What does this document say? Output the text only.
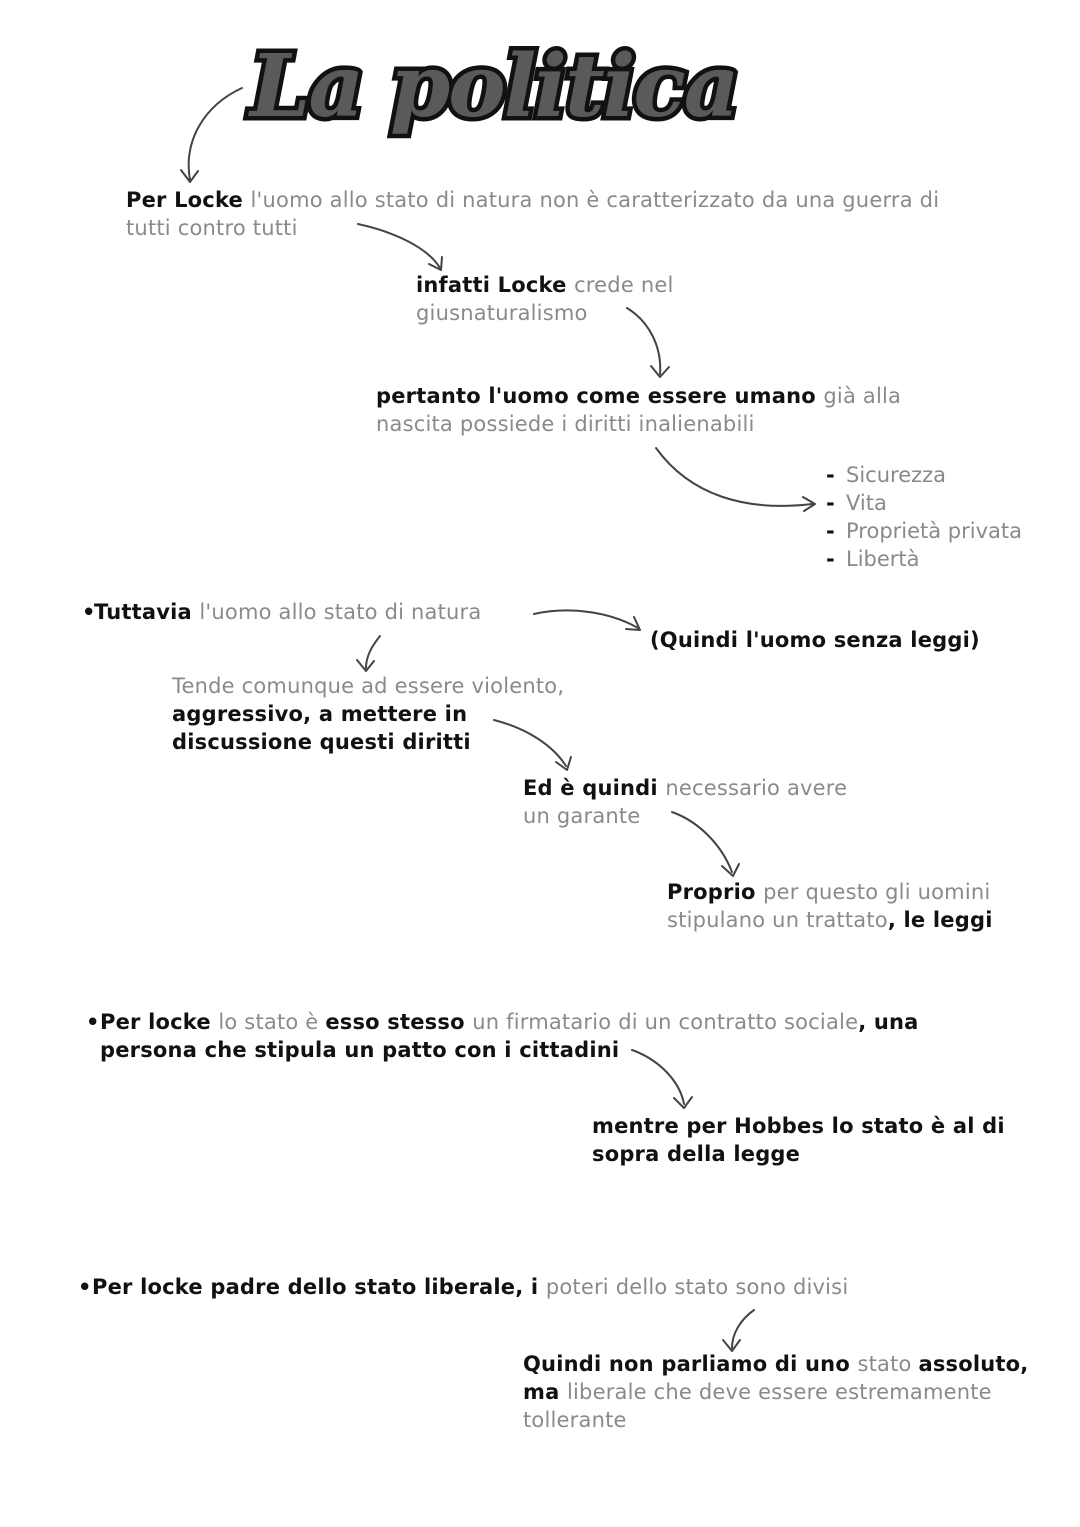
La politica
Per Locke l'uomo allo stato di natura non è caratterizzato da una guerra di
tutti contro tutti
infatti Locke crede nel
giusnaturalismo
pertanto l'uomo come essere umano già alla
nascita possiede i diritti inalienabili
- Sicurezza
- Vita
- Proprietà privata
- Libertà
•
Tuttavia l'uomo allo stato di natura
(Quindi l'uomo senza leggi)
Tende comunque ad essere violento,
aggressivo, a mettere in
discussione questi diritti
Ed è quindi necessario avere
un garante
Proprio per questo gli uomini
stipulano un trattato, le leggi
• Per locke lo stato è esso stesso un firmatario di un contratto sociale, una
persona che stipula un patto con i cittadini
mentre per Hobbes lo stato è al di
sopra della legge
• Per locke padre dello stato liberale, i poteri dello stato sono divisi
Quindi non parliamo di uno stato assoluto,
ma liberale che deve essere estremamente
tollerante
